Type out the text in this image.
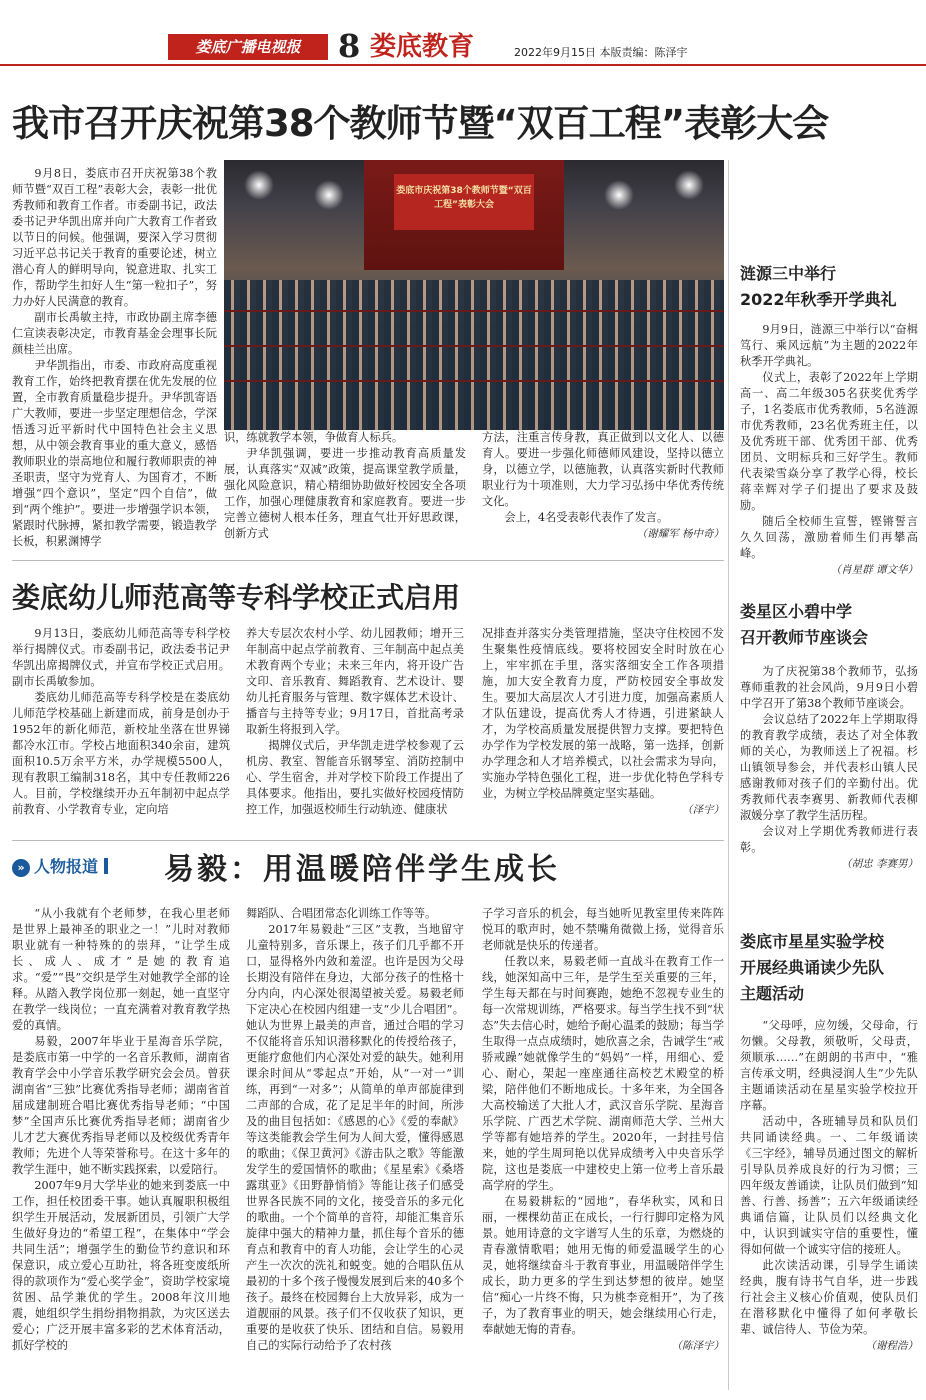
娄底广播电视报	8 娄底教育	2022年9月15日 本版责编：陈泽宇
我市召开庆祝第38个教师节暨“双百工程”表彰大会

9月8日，娄底市召开庆祝第38个教师节暨“双百工程”表彰大会，表彰一批优秀教师和教育工作者。市委副书记，政法委书记尹华凯出席并向广大教育工作者致以节日的问候。他强调，要深入学习贯彻习近平总书记关于教育的重要论述，树立潜心育人的鲜明导向，锐意进取、扎实工作，帮助学生扣好人生“第一粒扣子”，努力办好人民满意的教育。

副市长禹敏主持，市政协副主席李德仁宣读表彰决定，市教育基金会理事长阮颜桂兰出席。

尹华凯指出，市委、市政府高度重视教育工作，始终把教育摆在优先发展的位置，全市教育质量稳步提升。尹华凯寄语广大教师，要进一步坚定理想信念，学深悟透习近平新时代中国特色社会主义思想，从中领会教育事业的重大意义，感悟教师职业的崇高地位和履行教师职责的神圣职责，坚守为党育人、为国育才，不断增强“四个意识”，坚定“四个自信”，做到“两个维护”。要进一步增强学识本领，紧跟时代脉搏，紧扣教学需要，锻造教学长板，积累渊博学

娄底市庆祝第38个教师节暨“双百工程”表彰大会

识，练就教学本领，争做育人标兵。

尹华凯强调，要进一步推动教育高质量发展，认真落实“双减”政策，提高课堂教学质量，强化风险意识，精心精细协助做好校园安全各项工作，加强心理健康教育和家庭教育。要进一步完善立德树人根本任务，理直气壮开好思政课，创新方式

方法，注重言传身教，真正做到以文化人、以德育人。要进一步强化师德师风建设，坚持以德立身，以德立学，以德施教，认真落实新时代教师职业行为十项准则，大力学习弘扬中华优秀传统文化。

会上，4名受表彰代表作了发言。

（谢耀军 杨中奇）
涟源三中举行
2022年秋季开学典礼

9月9日，涟源三中举行以“奋楫笃行、乘风远航”为主题的2022年秋季开学典礼。

仪式上，表彰了2022年上学期高一、高二年级305名获奖优秀学子，1名娄底市优秀教师，5名涟源市优秀教师，23名优秀班主任，以及优秀班干部、优秀团干部、优秀团员、文明标兵和三好学生。教师代表梁雪焱分享了教学心得，校长蒋幸辉对学子们提出了要求及鼓励。

随后全校师生宣誓，铿锵誓言久久回荡，激励着师生们再攀高峰。

（肖星群 谭文华）
娄星区小碧中学
召开教师节座谈会

为了庆祝第38个教师节，弘扬尊师重教的社会风尚，9月9日小碧中学召开了第38个教师节座谈会。

会议总结了2022年上学期取得的教育教学成绩，表达了对全体教师的关心，为教师送上了祝福。杉山镇领导参会，并代表杉山镇人民感谢教师对孩子们的辛勤付出。优秀教师代表李赛男、新教师代表柳淑媛分享了教学生活历程。

会议对上学期优秀教师进行表彰。

（胡忠 李赛男）
娄底市星星实验学校
开展经典诵读少先队
主题活动

“父母呼，应勿缓，父母命，行勿懒。父母教，须敬听，父母责，须顺承……”在朗朗的书声中，“雅言传承文明，经典浸润人生”少先队主题诵读活动在星星实验学校拉开序幕。

活动中，各班辅导员和队员们共同诵读经典。一、二年级诵读《三字经》，辅导员通过图文的解析引导队员养成良好的行为习惯；三四年级友善诵读，让队员们做到“知善、行善、扬善”；五六年级诵读经典诵信篇，让队员们以经典文化中，认识到诚实守信的重要性，懂得如何做一个诚实守信的接班人。

此次读活动课，引导学生诵读经典，腹有诗书气自华，进一步践行社会主义核心价值观，使队员们在潜移默化中懂得了如何孝敬长辈、诚信待人、节俭为荣。

（谢程浩）
娄底幼儿师范高等专科学校正式启用

9月13日，娄底幼儿师范高等专科学校举行揭牌仪式。市委副书记，政法委书记尹华凯出席揭牌仪式，并宣布学校正式启用。副市长禹敏参加。

娄底幼儿师范高等专科学校是在娄底幼儿师范学校基础上新建而成，前身是创办于1952年的新化师范，新校址坐落在世界锑都冷水江市。学校占地面积340余亩，建筑面积10.5万余平方米，办学规模5500人，现有教职工编制318名，其中专任教师226人。目前，学校继续开办五年制初中起点学前教育、小学教育专业，定向培

养大专层次农村小学、幼儿园教师；增开三年制高中起点学前教育、三年制高中起点美术教育两个专业；未来三年内，将开设广告文印、音乐教育、舞蹈教育、艺术设计、婴幼儿托育服务与管理、数字媒体艺术设计、播音与主持等专业；9月17日，首批高考录取新生将报到入学。

揭牌仪式后，尹华凯走进学校参观了云机房、教室、智能音乐钢琴室、消防控制中心、学生宿舍，并对学校下阶段工作提出了具体要求。他指出，要扎实做好校园疫情防控工作，加强返校师生行动轨迹、健康状

况排查并落实分类管理措施，坚决守住校园不发生聚集性疫情底线。要将校园安全时时放在心上，牢牢抓在手里，落实落细安全工作各项措施，加大安全教育力度，严防校园安全事故发生。要加大高层次人才引进力度，加强高素质人才队伍建设，提高优秀人才待遇，引进紧缺人才，为学校高质量发展提供智力支撑。要把特色办学作为学校发展的第一战略，第一选择，创新办学理念和人才培养模式，以社会需求为导向，实施办学特色强化工程，进一步优化特色学科专业，为树立学校品牌奠定坚实基础。

（泽宇）
» 人物报道	易毅：用温暖陪伴学生成长

“从小我就有个老师梦，在我心里老师是世界上最神圣的职业之一！”儿时对教师职业就有一种特殊的的崇拜，“让学生成长、成人、成才”是她的教育追求。“爱”“畏”交织是学生对她教学全部的诠释。从踏入教学岗位那一刻起，她一直坚守在教学一线岗位；一直充满着对教育教学热爱的真情。

易毅，2007年毕业于星海音乐学院，是娄底市第一中学的一名音乐教师，湖南省教育学会中小学音乐教学研究会会员。曾获湖南省“三独”比赛优秀指导老师；湖南省首届成建制班合唱比赛优秀指导老师；“中国梦”全国声乐比赛优秀指导老师；湖南省少儿才艺大赛优秀指导老师以及校级优秀青年教师；先进个人等荣誉称号。在这十多年的教学生涯中，她不断实践探索，以爱陪行。

2007年9月大学毕业的她来到娄底一中工作，担任校团委干事。她认真履职积极组织学生开展活动，发展新团员，引领广大学生做好身边的“希望工程”，在集体中“学会共同生活”；增强学生的勤俭节约意识和环保意识，成立爱心互助社，将各班变废纸所得的款项作为“爱心奖学金”，资助学校家境贫困、品学兼优的学生。2008年汶川地震，她组织学生捐纷捐物捐款，为灾区送去爱心；广泛开展丰富多彩的艺术体育活动，抓好学校的

舞蹈队、合唱团常态化训练工作等等。

2017年易毅赴“三区”支教，当地留守儿童特别多，音乐课上，孩子们几乎都不开口，显得格外内敛和羞涩。也许是因为父母长期没有陪伴在身边，大部分孩子的性格十分内向，内心深处很渴望被关爱。易毅老师下定决心在校园内组建一支“少儿合唱团”。她认为世界上最美的声音，通过合唱的学习不仅能将音乐知识潜移默化的传授给孩子，更能疗愈他们内心深处对爱的缺失。她利用课余时间从“零起点”开始，从“一对一”训练，再到“一对多”；从简单的单声部旋律到二声部的合成，花了足足半年的时间，所涉及的曲目包括如：《感恩的心》《爱的奉献》等这类能教会学生何为人间大爱，懂得感恩的歌曲；《保卫黄河》《游击队之歌》等能激发学生的爱国情怀的歌曲；《星星索》《桑塔露琪亚》《田野静悄悄》等能让孩子们感受世界各民族不同的文化，接受音乐的多元化的歌曲。一个个简单的音符，却能汇集音乐旋律中强大的精神力量，抓住每个音乐的德育点和教育中的育人功能，会让学生的心灵产生一次次的洗礼和蜕变。她的合唱队伍从最初的十多个孩子慢慢发展到后来的40多个孩子。最终在校园舞台上大放异彩，成为一道靓丽的风景。孩子们不仅收获了知识，更重要的是收获了快乐、团结和自信。易毅用自己的实际行动给予了农村孩

子学习音乐的机会，每当她听见教室里传来阵阵悦耳的歌声时，她不禁嘴角微微上扬，觉得音乐老师就是快乐的传递者。

任教以来，易毅老师一直战斗在教育工作一线，她深知高中三年，是学生至关重要的三年，学生每天都在与时间赛跑，她绝不忽视专业生的每一次常规训练，严格要求。每当学生找不到“状态”失去信心时，她给予耐心温柔的鼓励；每当学生取得一点点成绩时，她欣喜之余，告诫学生“戒骄戒躁”她就像学生的“妈妈”一样，用细心、爱心、耐心，架起一座座通往高校艺术殿堂的桥梁，陪伴他们不断地成长。十多年来，为全国各大高校输送了大批人才，武汉音乐学院、星海音乐学院、广西艺术学院、湖南师范大学、兰州大学等都有她培养的学生。2020年，一封挂号信来，她的学生周珂艳以优异成绩考入中央音乐学院，这也是娄底一中建校史上第一位考上音乐最高学府的学生。

在易毅耕耘的“园地”，春华秋实，风和日丽，一棵棵幼苗正在成长，一行行脚印定格为风景。她用诗意的文字谱写人生的乐章，为燃烧的青春激情歌唱；她用无悔的师爱温暖学生的心灵，她将继续奋斗于教育事业，用温暖陪伴学生成长，助力更多的学生到达梦想的彼岸。她坚信“痴心一片终不悔，只为桃李竞相开”，为了孩子，为了教育事业的明天，她会继续用心行走，奉献她无悔的青春。

（陈泽宇）
